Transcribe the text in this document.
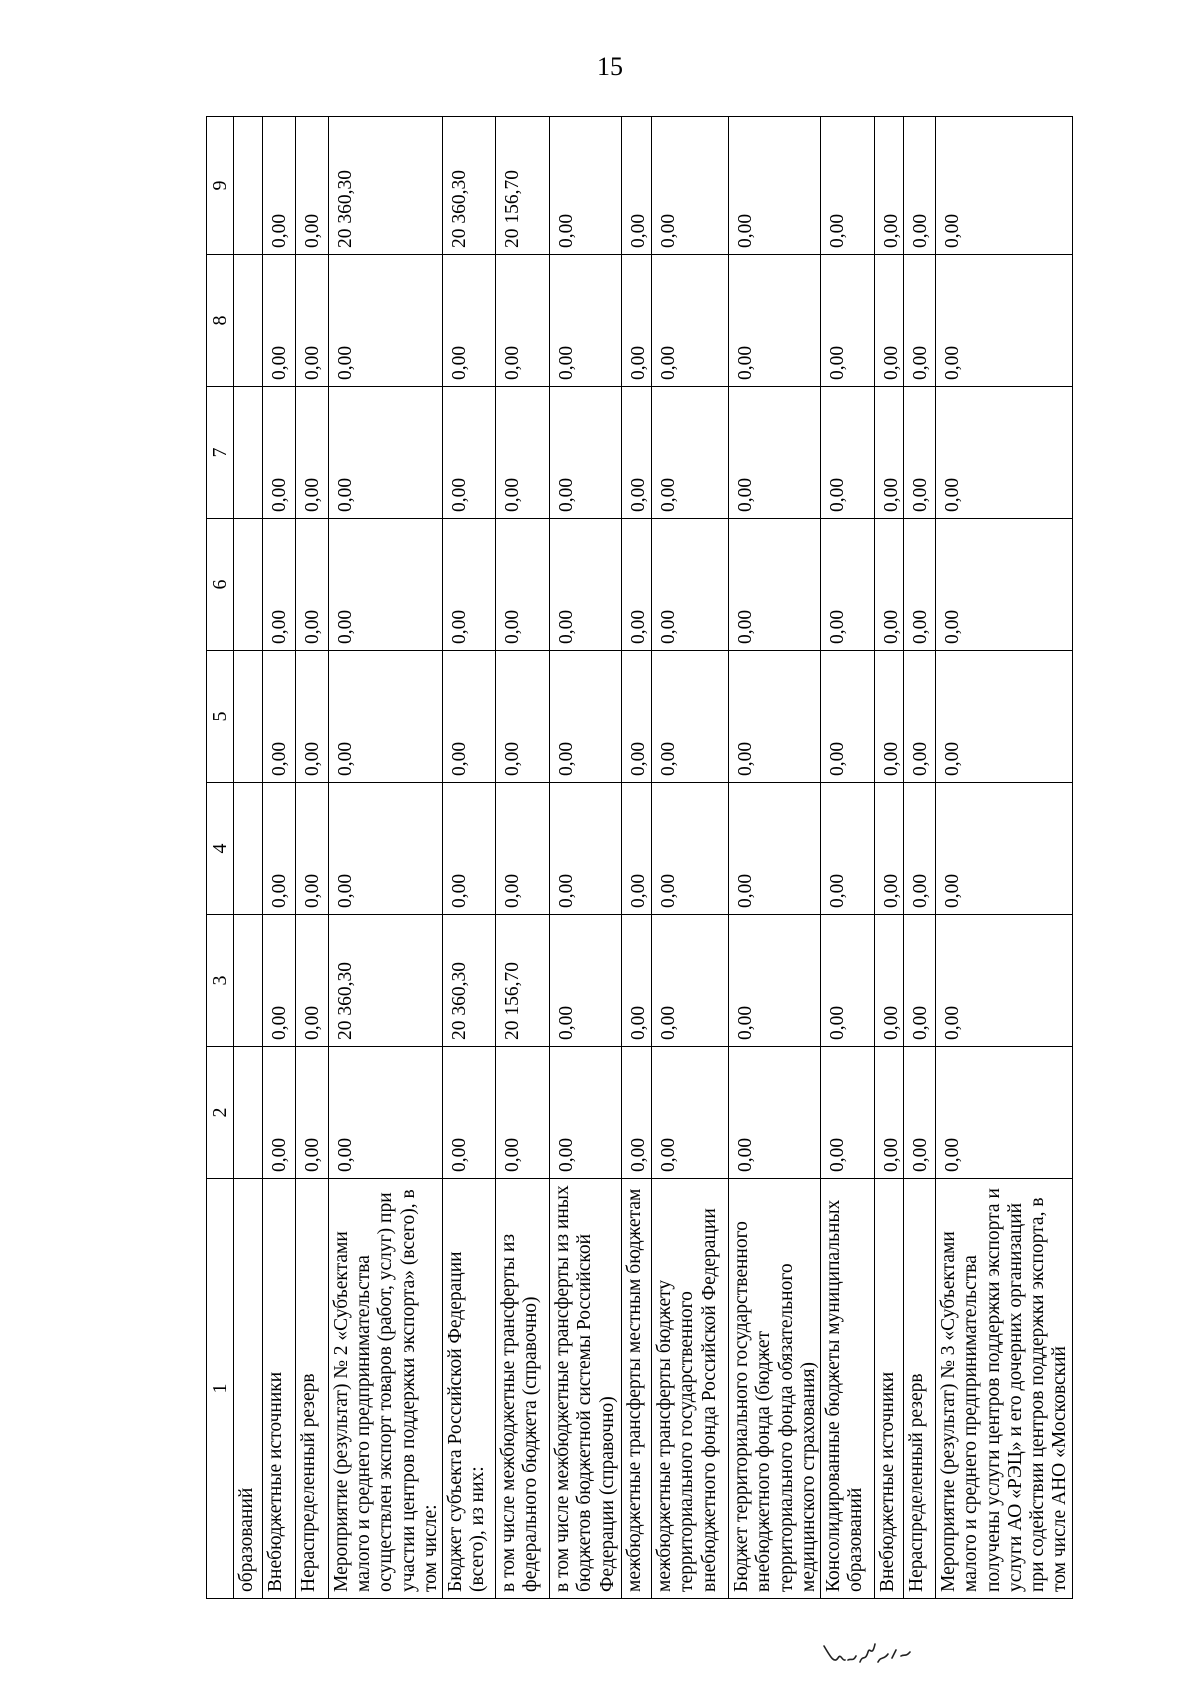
15
1	2	3	4	5	6	7	8	9
образований								
Внебюджетные источники	0,00	0,00	0,00	0,00	0,00	0,00	0,00	0,00
Нераспределенный резерв	0,00	0,00	0,00	0,00	0,00	0,00	0,00	0,00
Мероприятие (результат) № 2 «Субъектами малого и среднего предпринимательства осуществлен экспорт товаров (работ, услуг) при участии центров поддержки экспорта» (всего), в том числе:	0,00	20 360,30	0,00	0,00	0,00	0,00	0,00	20 360,30
Бюджет субъекта Российской Федерации (всего), из них:	0,00	20 360,30	0,00	0,00	0,00	0,00	0,00	20 360,30
в том числе межбюджетные трансферты из федерального бюджета (справочно)	0,00	20 156,70	0,00	0,00	0,00	0,00	0,00	20 156,70
в том числе межбюджетные трансферты из иных бюджетов бюджетной системы Российской Федерации (справочно)	0,00	0,00	0,00	0,00	0,00	0,00	0,00	0,00
межбюджетные трансферты местным бюджетам	0,00	0,00	0,00	0,00	0,00	0,00	0,00	0,00
межбюджетные трансферты бюджету территориального государственного внебюджетного фонда Российской Федерации	0,00	0,00	0,00	0,00	0,00	0,00	0,00	0,00
Бюджет территориального государственного внебюджетного фонда (бюджет территориального фонда обязательного медицинского страхования)	0,00	0,00	0,00	0,00	0,00	0,00	0,00	0,00
Консолидированные бюджеты муниципальных образований	0,00	0,00	0,00	0,00	0,00	0,00	0,00	0,00
Внебюджетные источники	0,00	0,00	0,00	0,00	0,00	0,00	0,00	0,00
Нераспределенный резерв	0,00	0,00	0,00	0,00	0,00	0,00	0,00	0,00
Мероприятие (результат) № 3 «Субъектами малого и среднего предпринимательства получены услуги центров поддержки экспорта и услуги АО «РЭЦ» и его дочерних организаций при содействии центров поддержки экспорта, в том числе АНО «Московский	0,00	0,00	0,00	0,00	0,00	0,00	0,00	0,00
